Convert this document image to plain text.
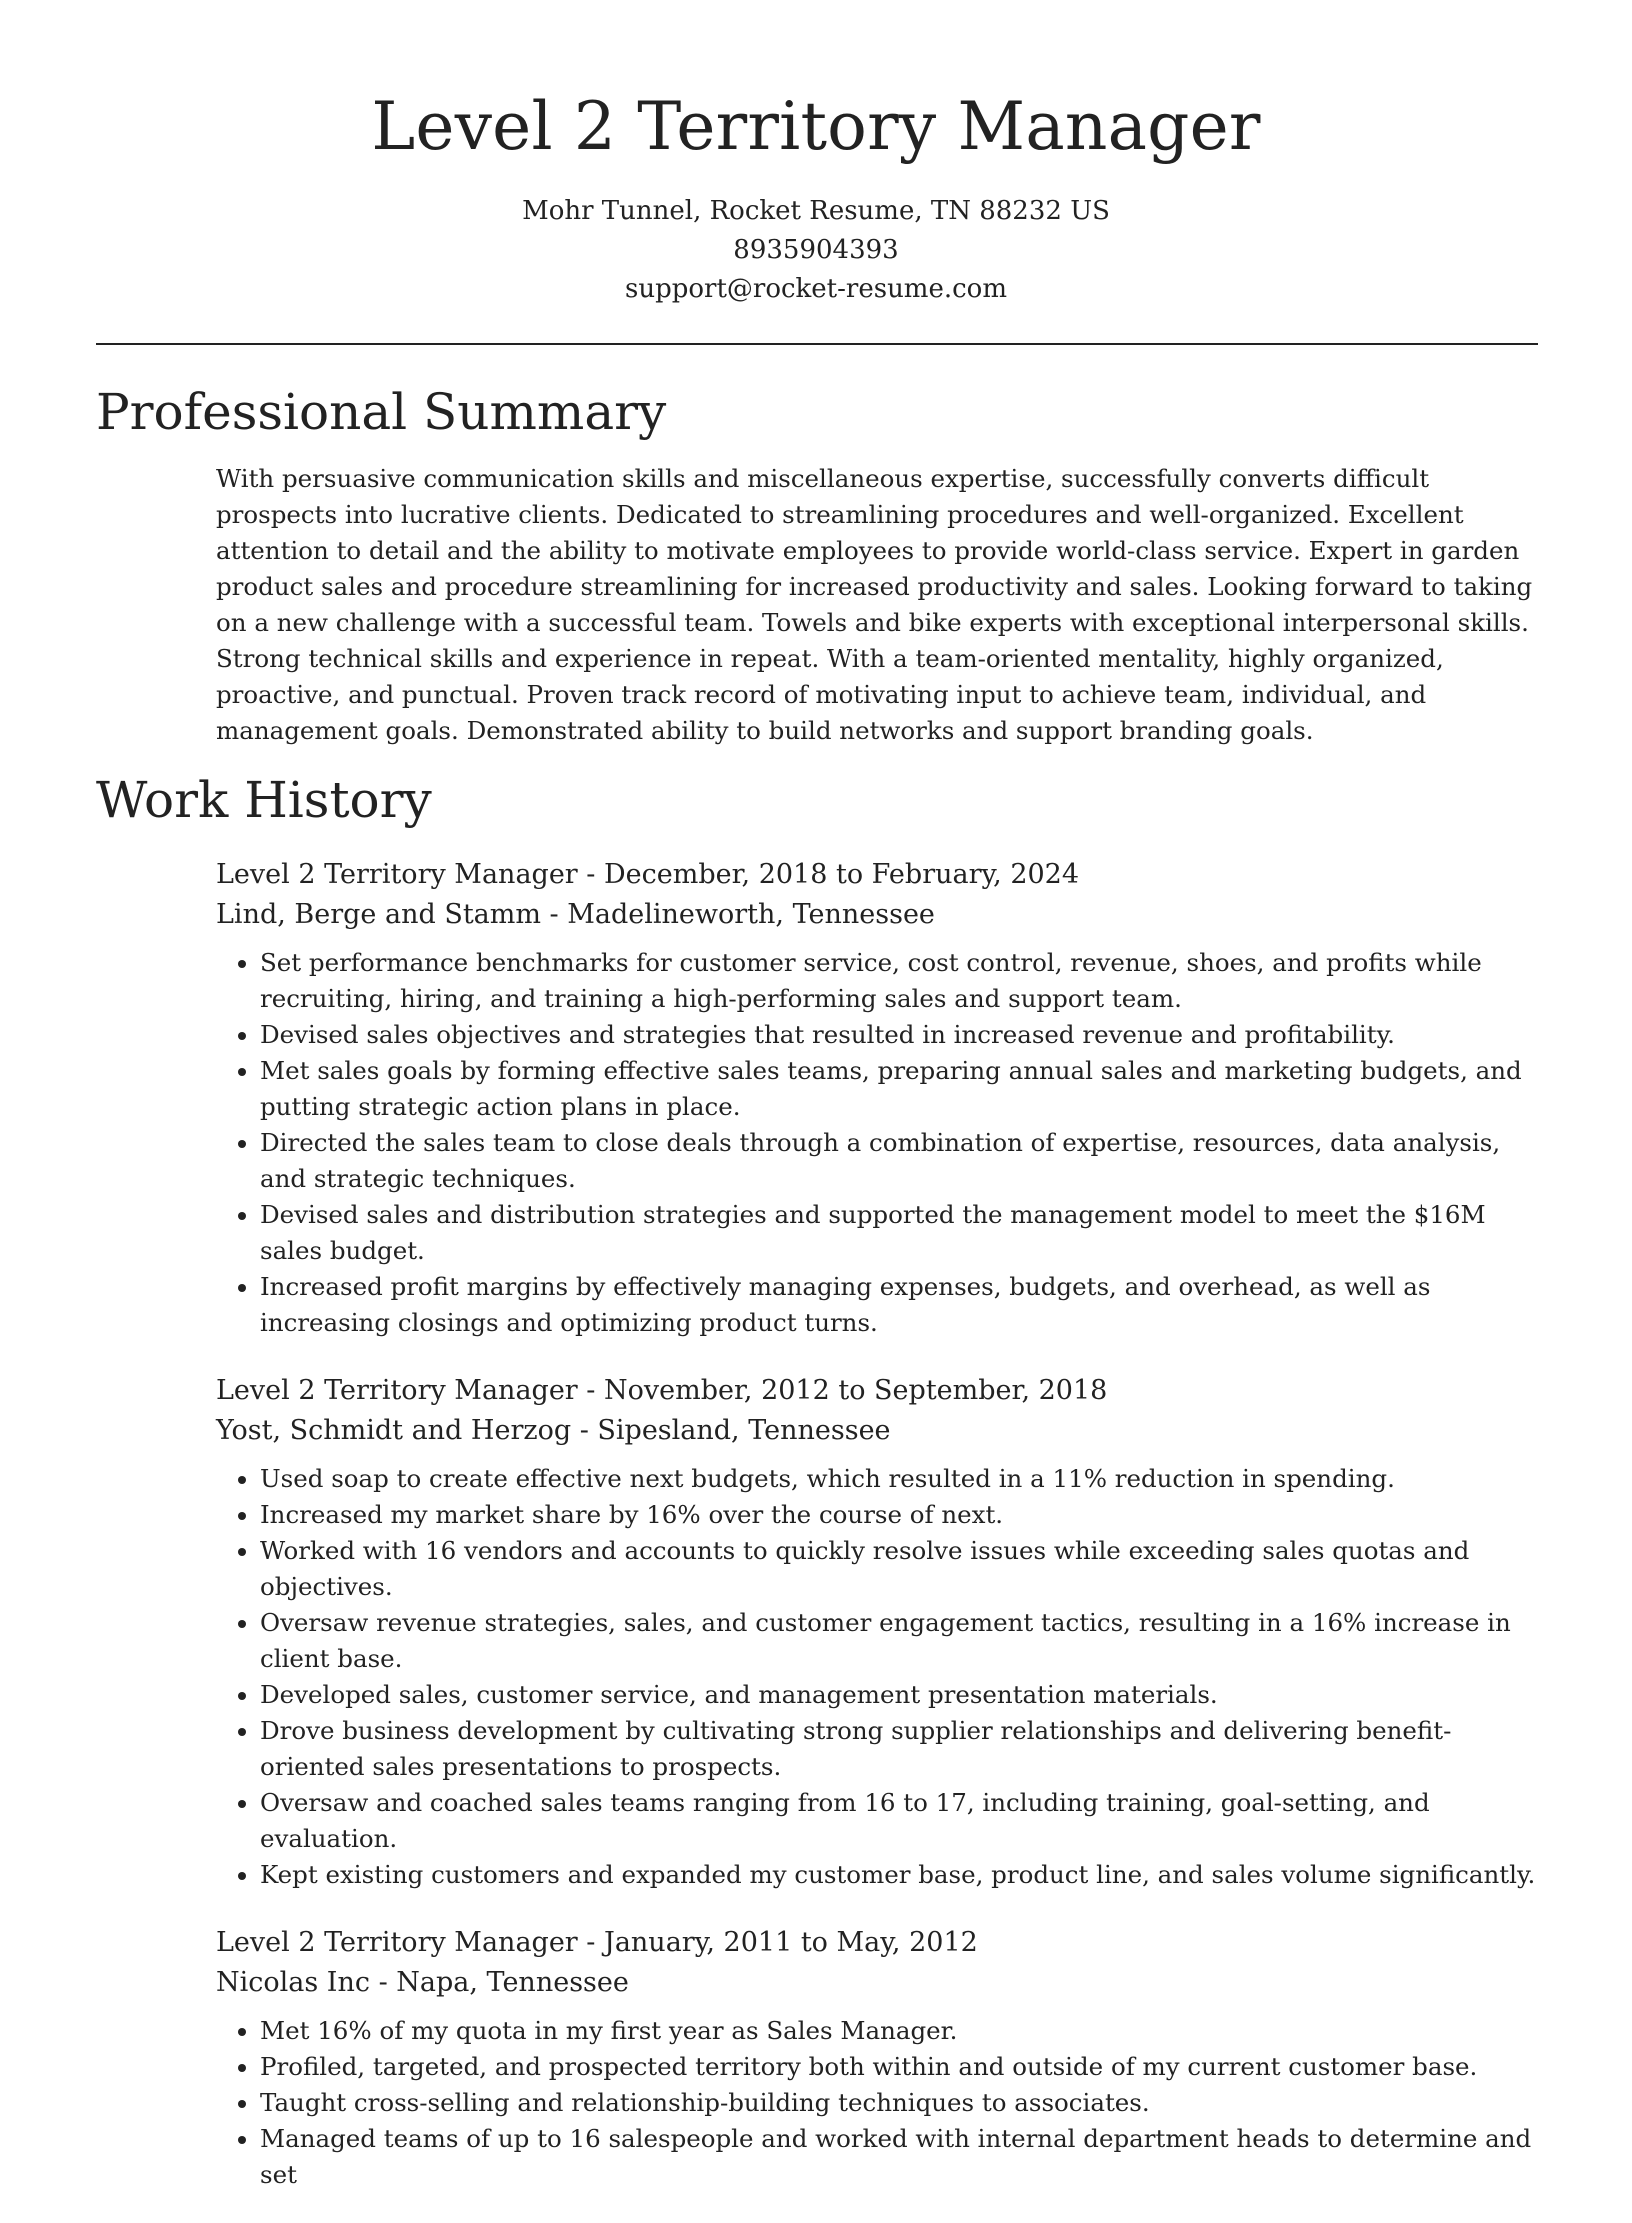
Level 2 Territory Manager
Mohr Tunnel, Rocket Resume, TN 88232 US
8935904393
support@rocket-resume.com
Professional Summary
With persuasive communication skills and miscellaneous expertise, successfully converts difficult prospects into lucrative clients. Dedicated to streamlining procedures and well-organized. Excellent attention to detail and the ability to motivate employees to provide world-class service. Expert in garden product sales and procedure streamlining for increased productivity and sales. Looking forward to taking on a new challenge with a successful team. Towels and bike experts with exceptional interpersonal skills. Strong technical skills and experience in repeat. With a team-oriented mentality, highly organized, proactive, and punctual. Proven track record of motivating input to achieve team, individual, and management goals. Demonstrated ability to build networks and support branding goals.
Work History
Level 2 Territory Manager - December, 2018 to February, 2024
Lind, Berge and Stamm - Madelineworth, Tennessee
• Set performance benchmarks for customer service, cost control, revenue, shoes, and profits while recruiting, hiring, and training a high-performing sales and support team.
• Devised sales objectives and strategies that resulted in increased revenue and profitability.
• Met sales goals by forming effective sales teams, preparing annual sales and marketing budgets, and putting strategic action plans in place.
• Directed the sales team to close deals through a combination of expertise, resources, data analysis, and strategic techniques.
• Devised sales and distribution strategies and supported the management model to meet the $16M sales budget.
• Increased profit margins by effectively managing expenses, budgets, and overhead, as well as increasing closings and optimizing product turns.
Level 2 Territory Manager - November, 2012 to September, 2018
Yost, Schmidt and Herzog - Sipesland, Tennessee
• Used soap to create effective next budgets, which resulted in a 11% reduction in spending.
• Increased my market share by 16% over the course of next.
• Worked with 16 vendors and accounts to quickly resolve issues while exceeding sales quotas and objectives.
• Oversaw revenue strategies, sales, and customer engagement tactics, resulting in a 16% increase in client base.
• Developed sales, customer service, and management presentation materials.
• Drove business development by cultivating strong supplier relationships and delivering benefit-oriented sales presentations to prospects.
• Oversaw and coached sales teams ranging from 16 to 17, including training, goal-setting, and evaluation.
• Kept existing customers and expanded my customer base, product line, and sales volume significantly.
Level 2 Territory Manager - January, 2011 to May, 2012
Nicolas Inc - Napa, Tennessee
• Met 16% of my quota in my first year as Sales Manager.
• Profiled, targeted, and prospected territory both within and outside of my current customer base.
• Taught cross-selling and relationship-building techniques to associates.
• Managed teams of up to 16 salespeople and worked with internal department heads to determine and set
